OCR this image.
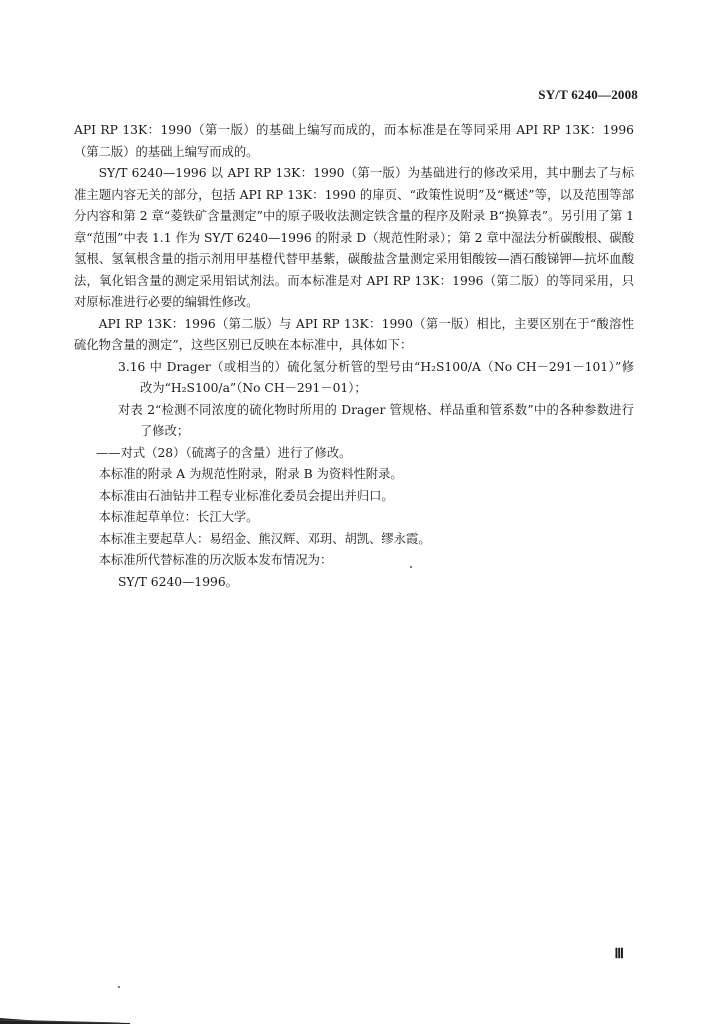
SY/T 6240—2008

API RP 13K：1990（第一版）的基础上编写而成的，而本标准是在等同采用 API RP 13K：1996（第二版）的基础上编写而成的。

SY/T 6240—1996 以 API RP 13K：1990（第一版）为基础进行的修改采用，其中删去了与标准主题内容无关的部分，包括 API RP 13K：1990 的扉页、“政策性说明”及“概述”等，以及范围等部分内容和第 2 章“菱铁矿含量测定”中的原子吸收法测定铁含量的程序及附录 B“换算表”。另引用了第 1 章“范围”中表 1.1 作为 SY/T 6240—1996 的附录 D（规范性附录）；第 2 章中湿法分析碳酸根、碳酸氢根、氢氧根含量的指示剂用甲基橙代替甲基紫，碳酸盐含量测定采用钼酸铵—酒石酸锑钾—抗坏血酸法，氧化铝含量的测定采用铝试剂法。而本标准是对 API RP 13K：1996（第二版）的等同采用，只对原标准进行必要的编辑性修改。

API RP 13K：1996（第二版）与 API RP 13K：1990（第一版）相比，主要区别在于“酸溶性硫化物含量的测定”，这些区别已反映在本标准中，具体如下：

3.16 中 Drager（或相当的）硫化氢分析管的型号由“H₂S100/A（No CH－291－101）”修改为“H₂S100/a”（No CH－291－01）；

对表 2“检测不同浓度的硫化物时所用的 Drager 管规格、样品重和管系数”中的各种参数进行了修改；

——对式（28）（硫离子的含量）进行了修改。

本标准的附录 A 为规范性附录，附录 B 为资料性附录。

本标准由石油钻井工程专业标准化委员会提出并归口。

本标准起草单位：长江大学。

本标准主要起草人：易绍金、熊汉辉、邓玥、胡凯、缪永霞。

本标准所代替标准的历次版本发布情况为：

SY/T 6240—1996。

Ⅲ
